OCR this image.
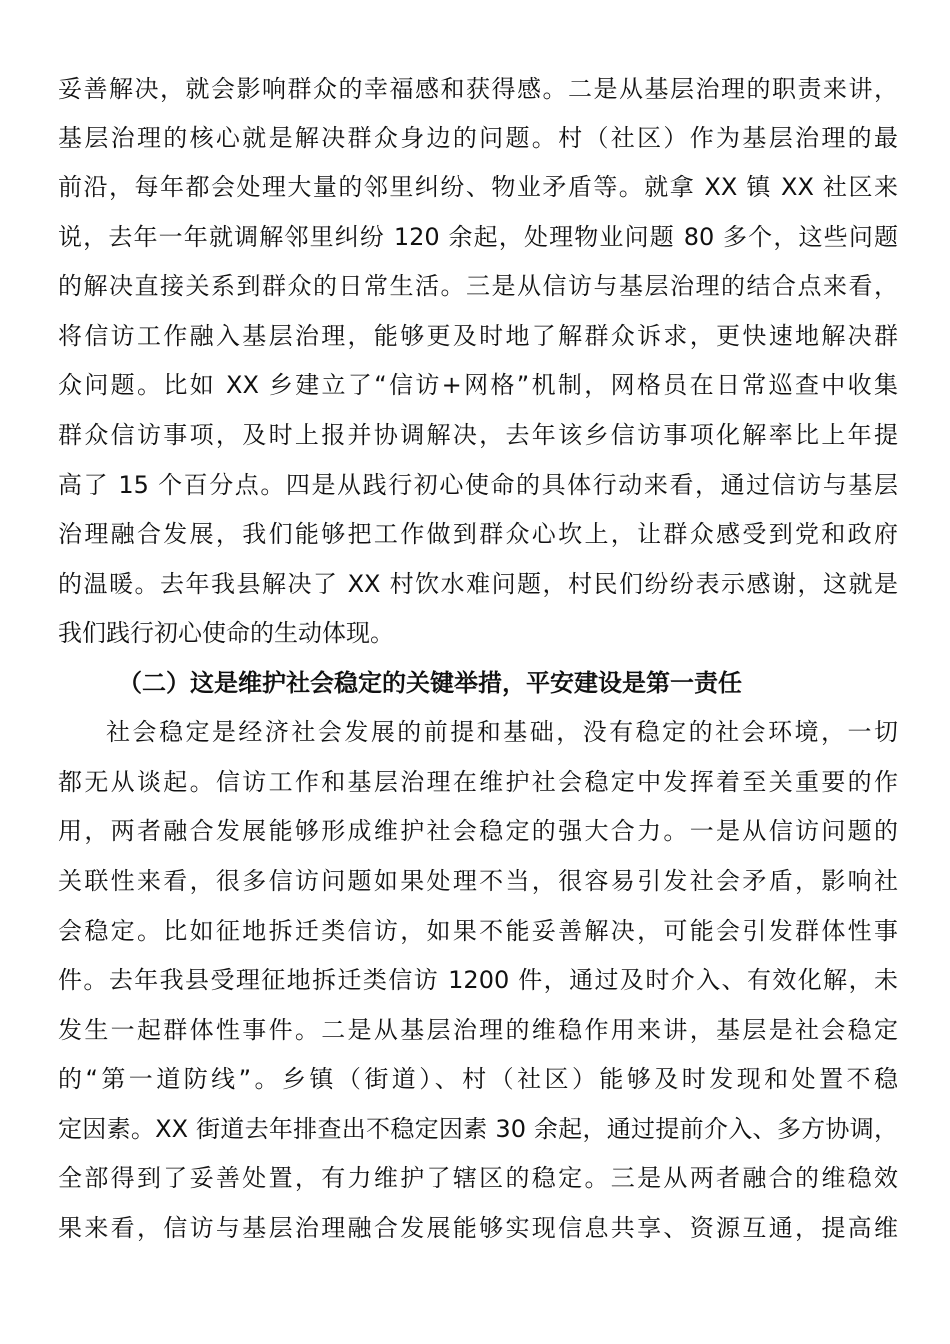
妥善解决，就会影响群众的幸福感和获得感。二是从基层治理的职责来讲，
基层治理的核心就是解决群众身边的问题。村（社区）作为基层治理的最
前沿，每年都会处理大量的邻里纠纷、物业矛盾等。就拿 XX 镇 XX 社区来
说，去年一年就调解邻里纠纷 120 余起，处理物业问题 80 多个，这些问题
的解决直接关系到群众的日常生活。三是从信访与基层治理的结合点来看，
将信访工作融入基层治理，能够更及时地了解群众诉求，更快速地解决群
众问题。比如 XX 乡建立了“信访+网格”机制，网格员在日常巡查中收集
群众信访事项，及时上报并协调解决，去年该乡信访事项化解率比上年提
高了 15 个百分点。四是从践行初心使命的具体行动来看，通过信访与基层
治理融合发展，我们能够把工作做到群众心坎上，让群众感受到党和政府
的温暖。去年我县解决了 XX 村饮水难问题，村民们纷纷表示感谢，这就是
我们践行初心使命的生动体现。
（二）这是维护社会稳定的关键举措，平安建设是第一责任
社会稳定是经济社会发展的前提和基础，没有稳定的社会环境，一切
都无从谈起。信访工作和基层治理在维护社会稳定中发挥着至关重要的作
用，两者融合发展能够形成维护社会稳定的强大合力。一是从信访问题的
关联性来看，很多信访问题如果处理不当，很容易引发社会矛盾，影响社
会稳定。比如征地拆迁类信访，如果不能妥善解决，可能会引发群体性事
件。去年我县受理征地拆迁类信访 1200 件，通过及时介入、有效化解，未
发生一起群体性事件。二是从基层治理的维稳作用来讲，基层是社会稳定
的“第一道防线”。乡镇（街道）、村（社区）能够及时发现和处置不稳
定因素。XX 街道去年排查出不稳定因素 30 余起，通过提前介入、多方协调，
全部得到了妥善处置，有力维护了辖区的稳定。三是从两者融合的维稳效
果来看，信访与基层治理融合发展能够实现信息共享、资源互通，提高维
